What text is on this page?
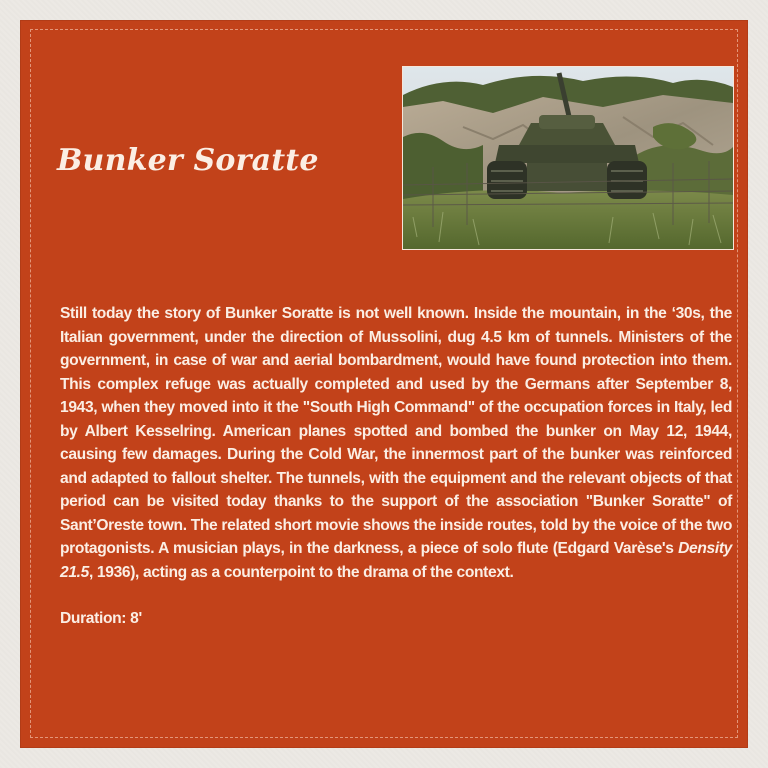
Bunker Soratte

Still today the story of Bunker Soratte is not well known. Inside the mountain, in the ‘30s, the Italian government, under the direction of Mussolini, dug 4.5 km of tunnels. Ministers of the government, in case of war and aerial bombardment, would have found protection into them. This complex refuge was actually completed and used by the Germans after September 8, 1943, when they moved into it the "South High Command" of the occupation forces in Italy, led by Albert Kesselring. American planes spotted and bombed the bunker on May 12, 1944, causing few damages. During the Cold War, the innermost part of the bunker was reinforced and adapted to fallout shelter. The tunnels, with the equipment and the relevant objects of that period can be visited today thanks to the support of the association "Bunker Soratte" of Sant’Oreste town. The related short movie shows the inside routes, told by the voice of the two protagonists. A musician plays, in the darkness, a piece of solo flute (Edgard Varèse's Density 21.5, 1936), acting as a counterpoint to the drama of the context.

Duration: 8'
